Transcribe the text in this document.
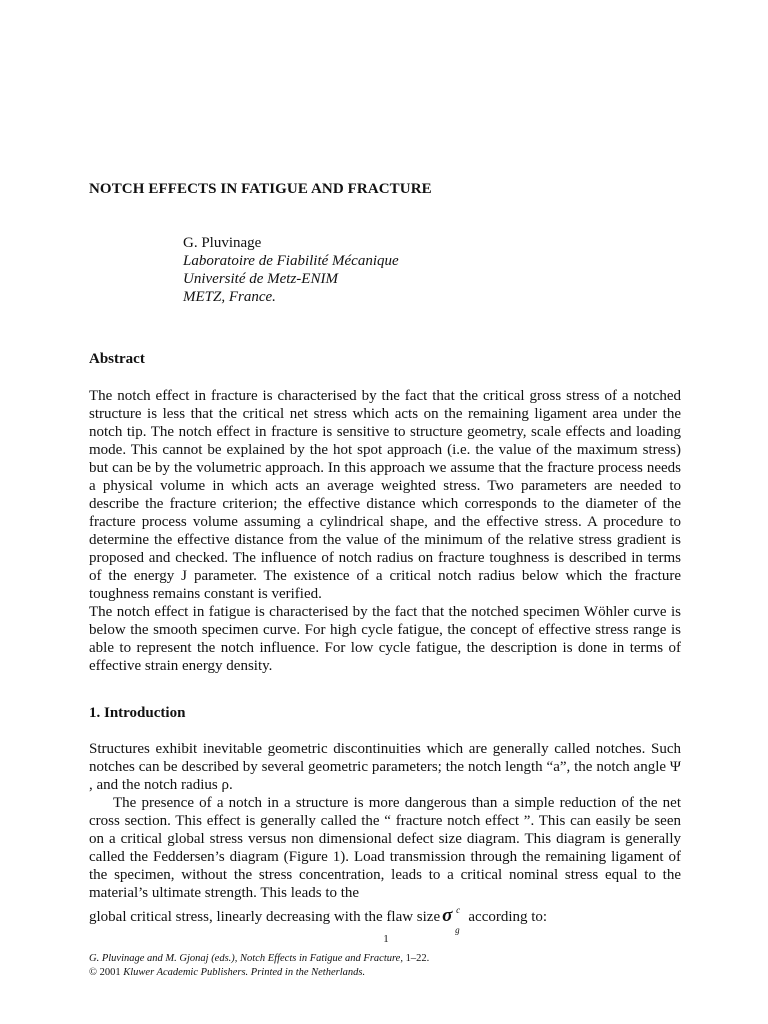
NOTCH EFFECTS IN FATIGUE AND FRACTURE
G. Pluvinage
Laboratoire de Fiabilité Mécanique
Université de Metz-ENIM
METZ, France.
Abstract

The notch effect in fracture is characterised by the fact that the critical gross stress of a notched structure is less that the critical net stress which acts on the remaining ligament area under the notch tip. The notch effect in fracture is sensitive to structure geometry, scale effects and loading mode. This cannot be explained by the hot spot approach (i.e. the value of the maximum stress) but can be by the volumetric approach. In this approach we assume that the fracture process needs a physical volume in which acts an average weighted stress. Two parameters are needed to describe the fracture criterion; the effective distance which corresponds to the diameter of the fracture process volume assuming a cylindrical shape, and the effective stress. A procedure to determine the effective distance from the value of the minimum of the relative stress gradient is proposed and checked. The influence of notch radius on fracture toughness is described in terms of the energy J parameter. The existence of a critical notch radius below which the fracture toughness remains constant is verified.

The notch effect in fatigue is characterised by the fact that the notched specimen Wöhler curve is below the smooth specimen curve. For high cycle fatigue, the concept of effective stress range is able to represent the notch influence. For low cycle fatigue, the description is done in terms of effective strain energy density.

1. Introduction

Structures exhibit inevitable geometric discontinuities which are generally called notches. Such notches can be described by several geometric parameters; the notch length “a”, the notch angle Ψ , and the notch radius ρ.

The presence of a notch in a structure is more dangerous than a simple reduction of the net cross section. This effect is generally called the “ fracture notch effect ”. This can easily be seen on a critical global stress versus non dimensional defect size diagram. This diagram is generally called the Feddersen’s diagram (Figure 1). Load transmission through the remaining ligament of the specimen, without the stress concentration, leads to a critical nominal stress equal to the material’s ultimate strength. This leads to the

global critical stress, linearly decreasing with the flaw size σ c
g
according to:

1
G. Pluvinage and M. Gjonaj (eds.), Notch Effects in Fatigue and Fracture, 1–22.
© 2001 Kluwer Academic Publishers. Printed in the Netherlands.
